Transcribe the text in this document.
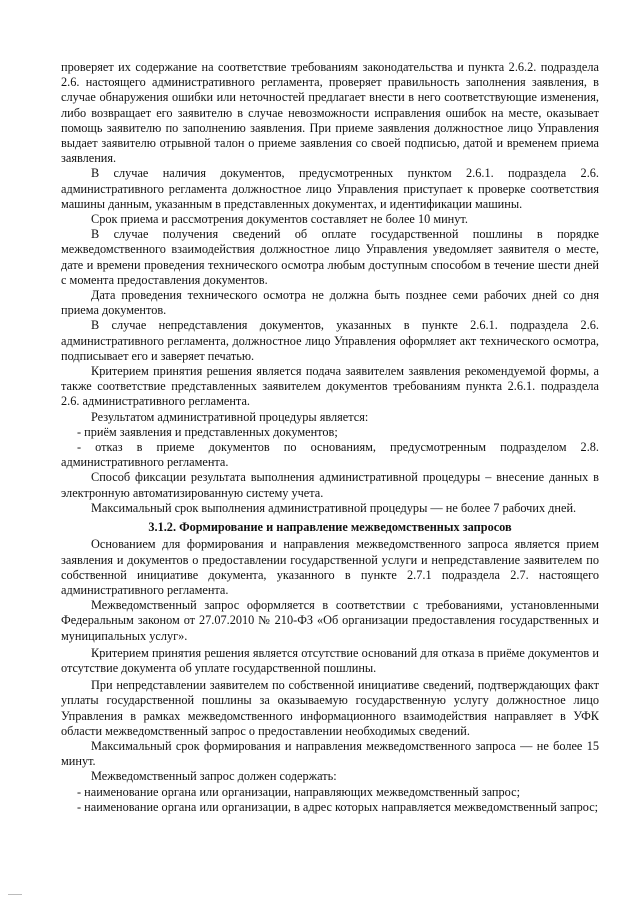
проверяет их содержание на соответствие требованиям законодательства и пункта 2.6.2. подраздела 2.6. настоящего административного регламента, проверяет правильность заполнения заявления, в случае обнаружения ошибки или неточностей предлагает внести в него соответствующие изменения, либо возвращает его заявителю в случае невозможности исправления ошибок на месте, оказывает помощь заявителю по заполнению заявления. При приеме заявления должностное лицо Управления выдает заявителю отрывной талон о приеме заявления со своей подписью, датой и временем приема заявления.

В случае наличия документов, предусмотренных пунктом 2.6.1. подраздела 2.6. административного регламента должностное лицо Управления приступает к проверке соответствия машины данным, указанным в представленных документах, и идентификации машины.

Срок приема и рассмотрения документов составляет не более 10 минут.

В случае получения сведений об оплате государственной пошлины в порядке межведомственного взаимодействия должностное лицо Управления уведомляет заявителя о месте, дате и времени проведения технического осмотра любым доступным способом в течение шести дней с момента предоставления документов.

Дата проведения технического осмотра не должна быть позднее семи рабочих дней со дня приема документов.

В случае непредставления документов, указанных в пункте 2.6.1. подраздела 2.6. административного регламента, должностное лицо Управления оформляет акт технического осмотра, подписывает его и заверяет печатью.

Критерием принятия решения является подача заявителем заявления рекомендуемой формы, а также соответствие представленных заявителем документов требованиям пункта 2.6.1. подраздела 2.6. административного регламента.

Результатом административной процедуры является:

- приём заявления и представленных документов;

- отказ в приеме документов по основаниям, предусмотренным подразделом 2.8. административного регламента.

Способ фиксации результата выполнения административной процедуры – внесение данных в электронную автоматизированную систему учета.

Максимальный срок выполнения административной процедуры — не более 7 рабочих дней.

3.1.2. Формирование и направление межведомственных запросов

Основанием для формирования и направления межведомственного запроса является прием заявления и документов о предоставлении государственной услуги и непредставление заявителем по собственной инициативе документа, указанного в пункте 2.7.1 подраздела 2.7. настоящего административного регламента.

Межведомственный запрос оформляется в соответствии с требованиями, установленными Федеральным законом от 27.07.2010 № 210-ФЗ «Об организации предоставления государственных и муниципальных услуг».

Критерием принятия решения является отсутствие оснований для отказа в приёме документов и отсутствие документа об уплате государственной пошлины.

При непредставлении заявителем по собственной инициативе сведений, подтверждающих факт уплаты государственной пошлины за оказываемую государственную услугу должностное лицо Управления в рамках межведомственного информационного взаимодействия направляет в УФК области межведомственный запрос о предоставлении необходимых сведений.

Максимальный срок формирования и направления межведомственного запроса — не более 15 минут.

Межведомственный запрос должен содержать:

- наименование органа или организации, направляющих межведомственный запрос;

- наименование органа или организации, в адрес которых направляется межведомственный запрос;
